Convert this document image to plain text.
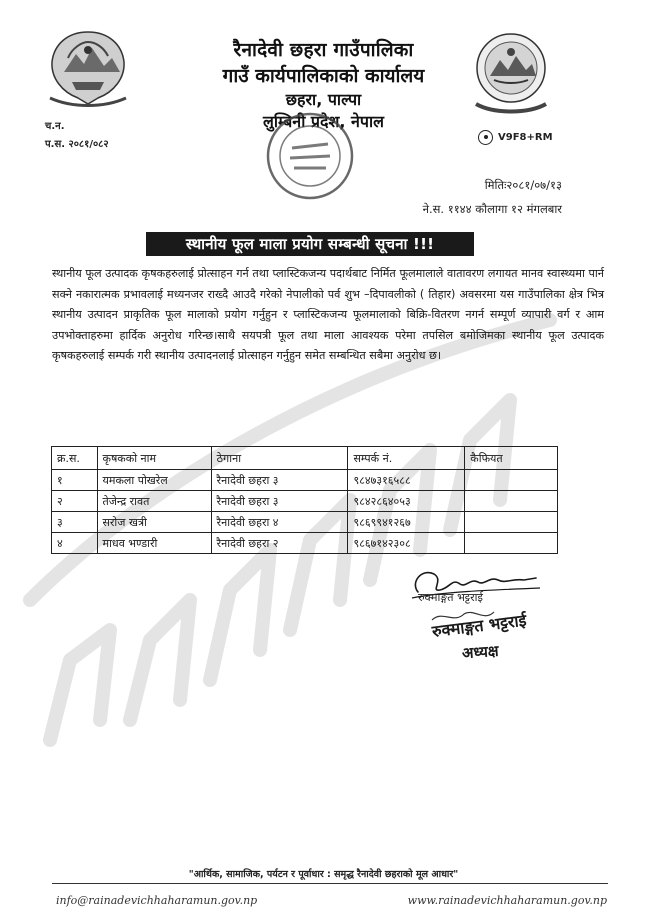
रैनादेवी छहरा गाउँपालिका
गाउँ कार्यपालिकाको कार्यालय
छहरा, पाल्पा
लुम्बिनी प्रदेश, नेपाल
च.न.
प.स. २०८१/०८२
V9F8+RM
मितिः२०८१/०७/१३
ने.स. ११४४ कौलागा १२ मंगलबार
स्थानीय फूल माला प्रयोग सम्बन्धी सूचना !!!
स्थानीय फूल उत्पादक कृषकहरुलाई प्रोत्साहन गर्न तथा प्लास्टिकजन्य पदार्थबाट निर्मित फूलमालाले वातावरण लगायत मानव स्वास्थ्यमा पार्न सक्ने नकारात्मक प्रभावलाई मध्यनजर राख्दै आउदै गरेको नेपालीको पर्व शुभ –दिपावलीको ( तिहार) अवसरमा यस गाउँपालिका क्षेत्र भित्र स्थानीय उत्पादन प्राकृतिक फूल मालाको प्रयोग गर्नुहुन र प्लास्टिकजन्य फूलमालाको बिक्रि-वितरण नगर्न सम्पूर्ण व्यापारी वर्ग र आम उपभोक्ताहरुमा हार्दिक अनुरोध गरिन्छ।साथै सयपत्री फूल तथा माला आवश्यक परेमा तपसिल बमोजिमका स्थानीय फूल उत्पादक कृषकहरुलाई सम्पर्क गरी स्थानीय उत्पादनलाई प्रोत्साहन गर्नुहुन समेत सम्बन्धित सबैमा अनुरोध छ।
क्र.स.	कृषकको नाम	ठेगाना	सम्पर्क नं.	कैफियत
१	यमकला पोखरेल	रैनादेवी छहरा ३	९८४७३१६५८८	
२	तेजेन्द्र रावत	रैनादेवी छहरा ३	९८४२८६४०५३	
३	सरोज खत्री	रैनादेवी छहरा ४	९८६९९४१२६७	
४	माधव भण्डारी	रैनादेवी छहरा २	९८६७१४२३०८	
रुक्माङ्गत भट्टराई
रुक्माङ्गत भट्टराई
अध्यक्ष
"आर्थिक, सामाजिक, पर्यटन र पूर्वाधार : समृद्ध रैनादेवी छहराको मूल आधार"
info@rainadevichhaharamun.gov.np	www.rainadevichhaharamun.gov.np
